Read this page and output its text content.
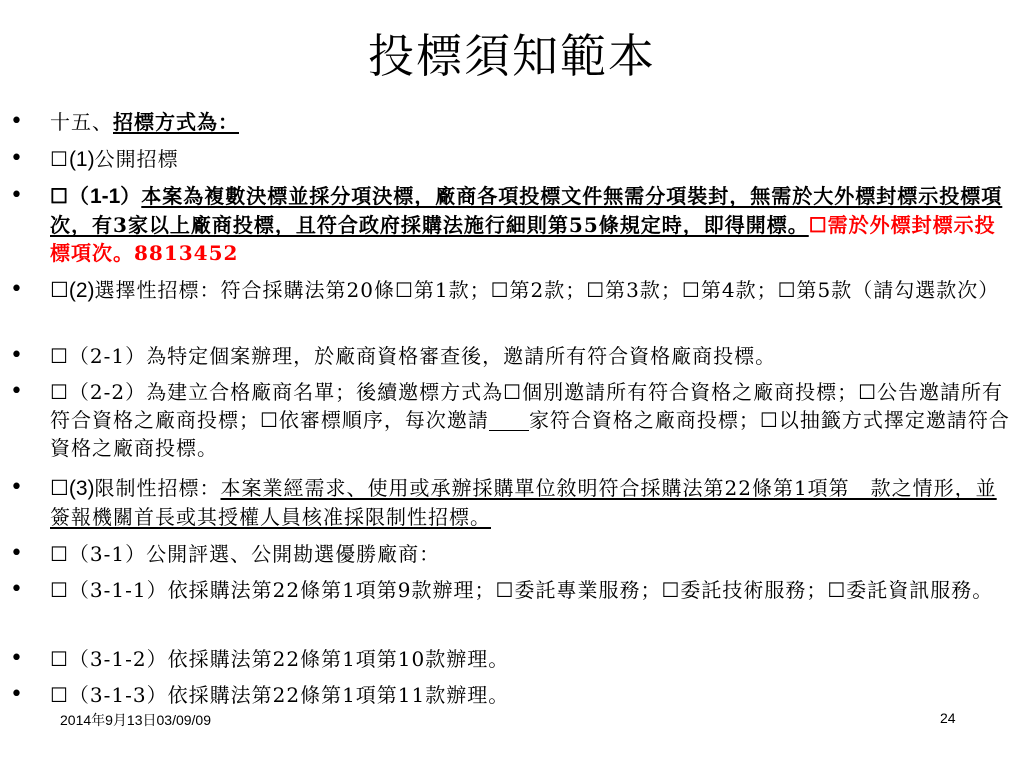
投標須知範本
• 十五、招標方式為：
• ☐(1)公開招標
• ☐（1-1）本案為複數決標並採分項決標，廠商各項投標文件無需分項裝封，無需於大外標封標示投標項次，有3家以上廠商投標，且符合政府採購法施行細則第55條規定時，即得開標。☐需於外標封標示投標項次。8813452
• ☐(2)選擇性招標：符合採購法第20條☐第1款；☐第2款；☐第3款；☐第4款；☐第5款（請勾選款次）
• ☐（2-1）為特定個案辦理，於廠商資格審查後，邀請所有符合資格廠商投標。
• ☐（2-2）為建立合格廠商名單；後續邀標方式為☐個別邀請所有符合資格之廠商投標；☐公告邀請所有符合資格之廠商投標；☐依審標順序，每次邀請 家符合資格之廠商投標；☐以抽籤方式擇定邀請符合資格之廠商投標。
• ☐(3)限制性招標：本案業經需求、使用或承辦採購單位敘明符合採購法第22條第1項第　款之情形，並簽報機關首長或其授權人員核准採限制性招標。
• ☐（3-1）公開評選、公開勘選優勝廠商：
• ☐（3-1-1）依採購法第22條第1項第9款辦理；☐委託專業服務；☐委託技術服務；☐委託資訊服務。
• ☐（3-1-2）依採購法第22條第1項第10款辦理。
• ☐（3-1-3）依採購法第22條第1項第11款辦理。
2014年9月13日03/09/09	24
